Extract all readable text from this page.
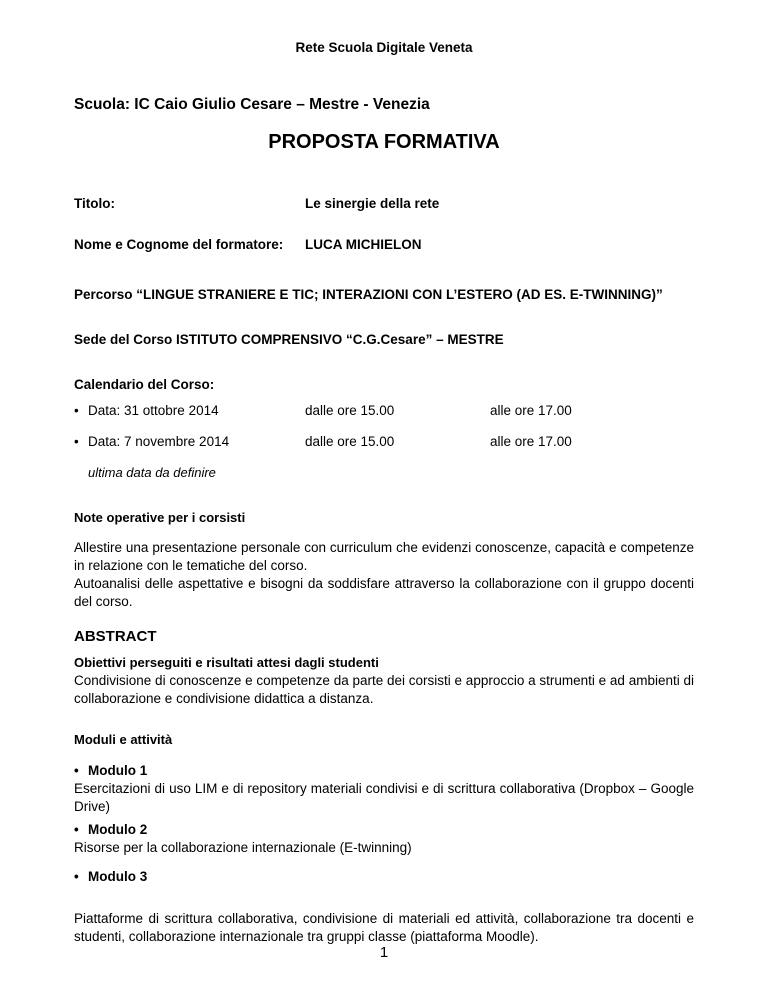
Rete Scuola Digitale Veneta
Scuola: IC Caio Giulio Cesare – Mestre - Venezia
PROPOSTA FORMATIVA
Titolo:	Le sinergie della rete
Nome e Cognome del formatore: LUCA MICHIELON
Percorso “LINGUE STRANIERE E TIC; INTERAZIONI CON L’ESTERO (AD ES. E-TWINNING)”
Sede del Corso ISTITUTO COMPRENSIVO “C.G.Cesare” – MESTRE
Calendario del Corso:
• Data: 31 ottobre 2014	dalle ore 15.00	alle ore 17.00
• Data: 7 novembre 2014	dalle ore 15.00	alle ore 17.00
ultima data da definire
Note operative per i corsisti
Allestire una presentazione personale con curriculum che evidenzi conoscenze, capacità e competenze in relazione con le tematiche del corso.
Autoanalisi delle aspettative e bisogni da soddisfare attraverso la collaborazione con il gruppo docenti del corso.
ABSTRACT
Obiettivi perseguiti e risultati attesi dagli studenti
Condivisione di conoscenze e competenze da parte dei corsisti e approccio a strumenti e ad ambienti di collaborazione e condivisione didattica a distanza.
Moduli e attività
• Modulo 1
Esercitazioni di uso LIM e di repository materiali condivisi e di scrittura collaborativa (Dropbox – Google Drive)
• Modulo 2
Risorse per la collaborazione internazionale (E-twinning)
• Modulo 3
Piattaforme di scrittura collaborativa, condivisione di materiali ed attività, collaborazione tra docenti e studenti, collaborazione internazionale tra gruppi classe (piattaforma Moodle).
1
